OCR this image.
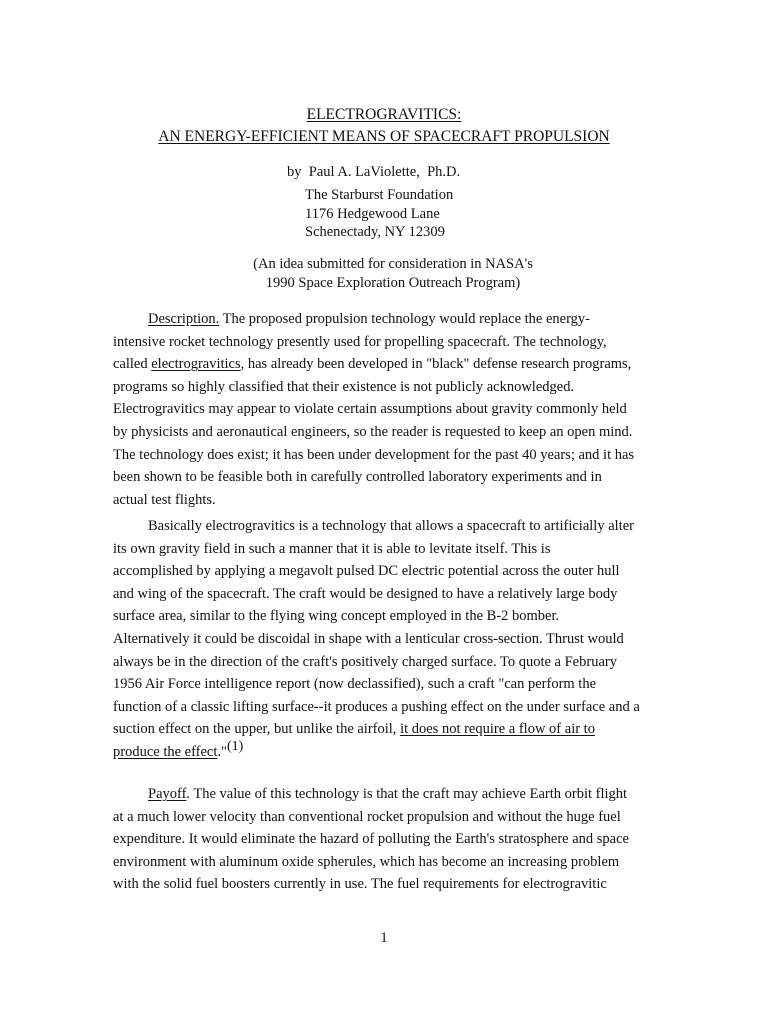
ELECTROGRAVITICS:
AN ENERGY-EFFICIENT MEANS OF SPACECRAFT PROPULSION
by  Paul A. LaViolette,  Ph.D.
The Starburst Foundation
1176 Hedgewood Lane
Schenectady, NY 12309
(An idea submitted for consideration in NASA's
1990 Space Exploration Outreach Program)

Description. The proposed propulsion technology would replace the energy-
intensive rocket technology presently used for propelling spacecraft. The technology,
called electrogravitics, has already been developed in "black" defense research programs,
programs so highly classified that their existence is not publicly acknowledged.
Electrogravitics may appear to violate certain assumptions about gravity commonly held
by physicists and aeronautical engineers, so the reader is requested to keep an open mind.
The technology does exist; it has been under development for the past 40 years; and it has
been shown to be feasible both in carefully controlled laboratory experiments and in
actual test flights.

Basically electrogravitics is a technology that allows a spacecraft to artificially alter
its own gravity field in such a manner that it is able to levitate itself. This is
accomplished by applying a megavolt pulsed DC electric potential across the outer hull
and wing of the spacecraft. The craft would be designed to have a relatively large body
surface area, similar to the flying wing concept employed in the B-2 bomber.
Alternatively it could be discoidal in shape with a lenticular cross-section. Thrust would
always be in the direction of the craft's positively charged surface. To quote a February
1956 Air Force intelligence report (now declassified), such a craft "can perform the
function of a classic lifting surface--it produces a pushing effect on the under surface and a
suction effect on the upper, but unlike the airfoil, it does not require a flow of air to
produce the effect."$^{(1)}$

Payoff. The value of this technology is that the craft may achieve Earth orbit flight
at a much lower velocity than conventional rocket propulsion and without the huge fuel
expenditure. It would eliminate the hazard of polluting the Earth's stratosphere and space
environment with aluminum oxide spherules, which has become an increasing problem
with the solid fuel boosters currently in use. The fuel requirements for electrogravitic

1
